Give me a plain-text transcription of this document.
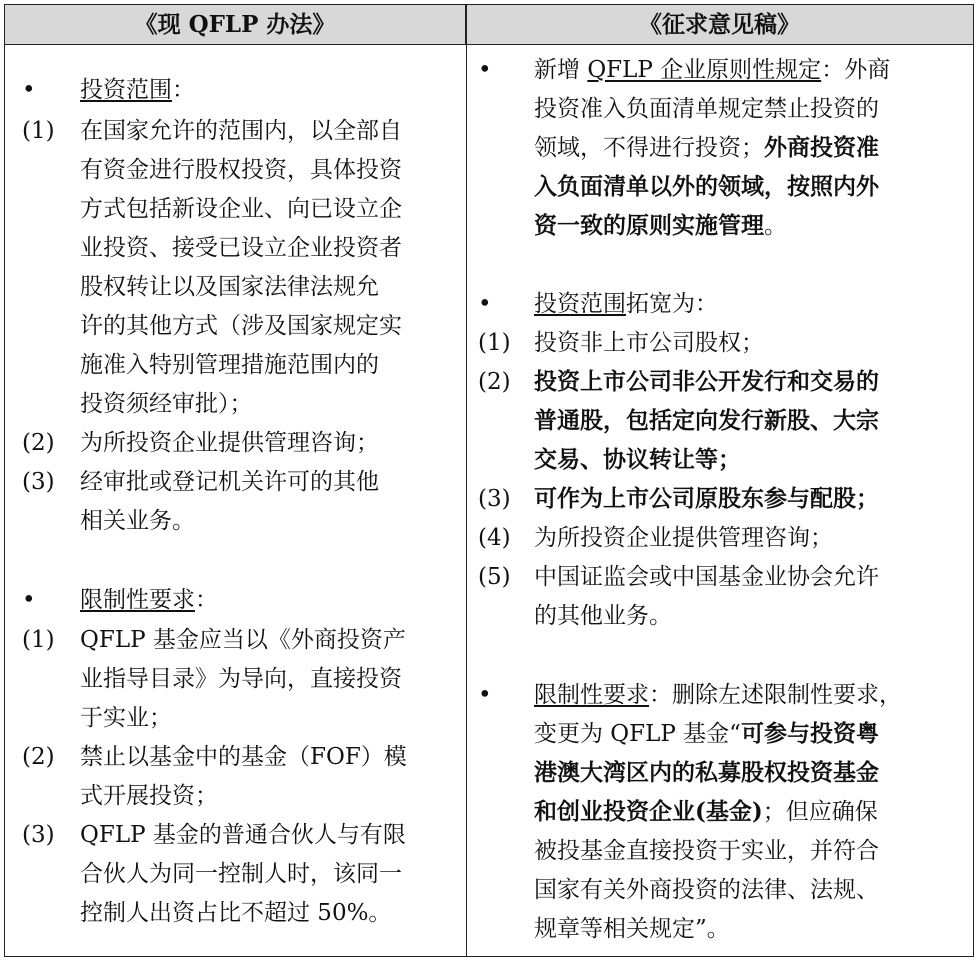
《现 QFLP 办法》	《征求意见稿》
• 投资范围：
(1) 在国家允许的范围内，以全部自
有资金进行股权投资，具体投资
方式包括新设企业、向已设立企
业投资、接受已设立企业投资者
股权转让以及国家法律法规允
许的其他方式（涉及国家规定实
施准入特别管理措施范围内的
投资须经审批）；
(2) 为所投资企业提供管理咨询；
(3) 经审批或登记机关许可的其他
相关业务。
• 限制性要求：
(1) QFLP 基金应当以《外商投资产
业指导目录》为导向，直接投资
于实业；
(2) 禁止以基金中的基金（FOF）模
式开展投资；
(3) QFLP 基金的普通合伙人与有限
合伙人为同一控制人时，该同一
控制人出资占比不超过 50%。
• 新增 QFLP 企业原则性规定：外商
投资准入负面清单规定禁止投资的
领域，不得进行投资；外商投资准
入负面清单以外的领域，按照内外
资一致的原则实施管理。
• 投资范围拓宽为：
(1) 投资非上市公司股权；
(2) 投资上市公司非公开发行和交易的
普通股，包括定向发行新股、大宗
交易、协议转让等；
(3) 可作为上市公司原股东参与配股；
(4) 为所投资企业提供管理咨询；
(5) 中国证监会或中国基金业协会允许
的其他业务。
• 限制性要求：删除左述限制性要求，
变更为 QFLP 基金“可参与投资粤
港澳大湾区内的私募股权投资基金
和创业投资企业(基金)；但应确保
被投基金直接投资于实业，并符合
国家有关外商投资的法律、法规、
规章等相关规定”。
